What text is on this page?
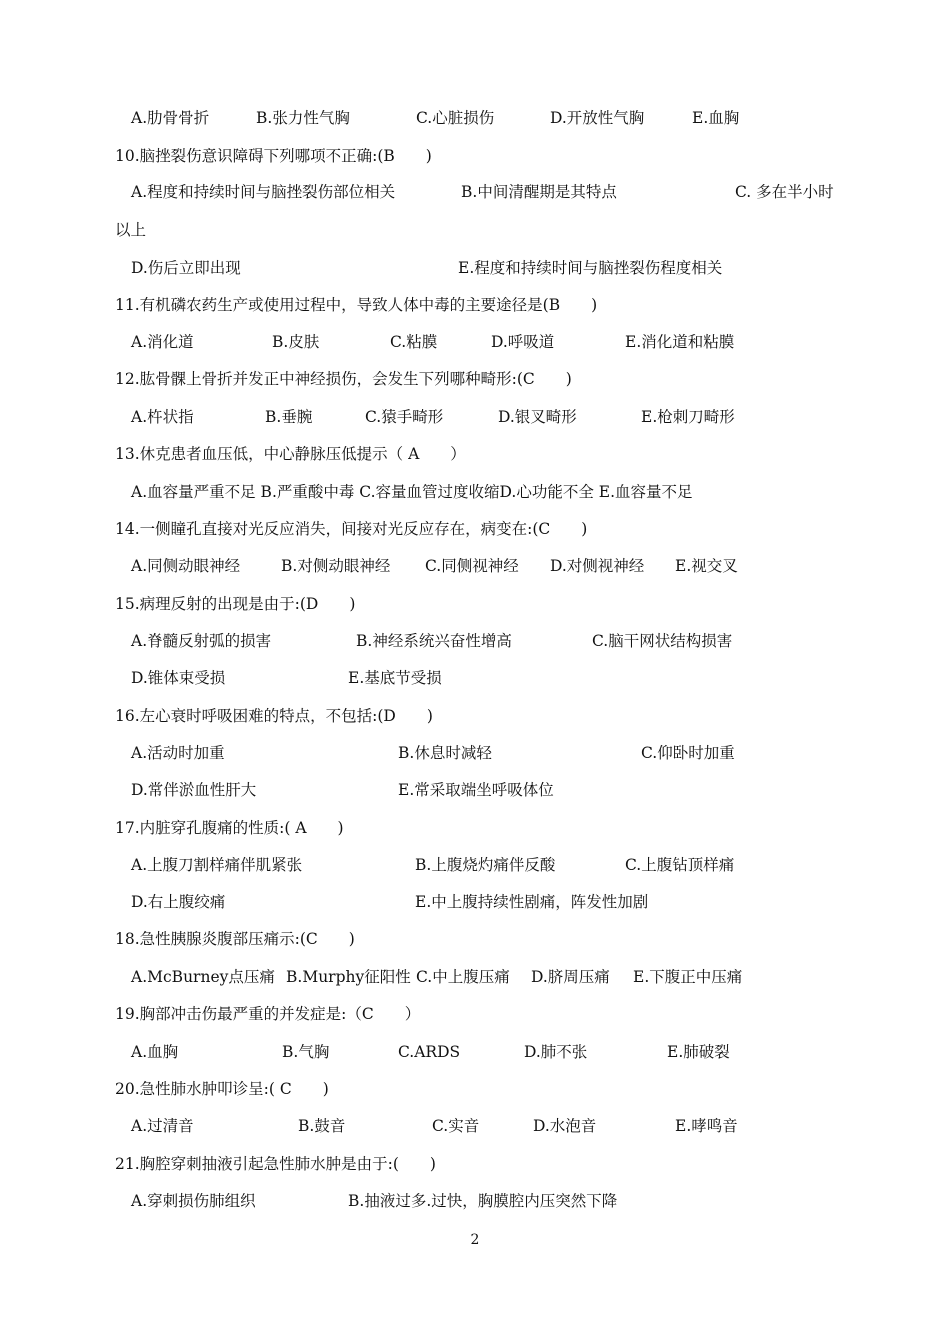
A.肋骨骨折	B.张力性气胸	C.心脏损伤	D.开放性气胸	E.血胸
10.脑挫裂伤意识障碍下列哪项不正确:(B　　)
A.程度和持续时间与脑挫裂伤部位相关	B.中间清醒期是其特点	C. 多在半小时
以上
D.伤后立即出现	E.程度和持续时间与脑挫裂伤程度相关
11.有机磷农药生产或使用过程中，导致人体中毒的主要途径是(B　　)
A.消化道	B.皮肤	C.粘膜	D.呼吸道	E.消化道和粘膜
12.肱骨髁上骨折并发正中神经损伤，会发生下列哪种畸形:(C　　)
A.杵状指	B.垂腕	C.猿手畸形	D.银叉畸形	E.枪刺刀畸形
13.休克患者血压低，中心静脉压低提示（ A　　）
A.血容量严重不足 B.严重酸中毒 C.容量血管过度收缩D.心功能不全 E.血容量不足
14.一侧瞳孔直接对光反应消失，间接对光反应存在，病变在:(C　　)
A.同侧动眼神经	B.对侧动眼神经 C.同侧视神经 D.对侧视神经 E.视交叉
15.病理反射的出现是由于:(D　　)
A.脊髓反射弧的损害	B.神经系统兴奋性增高	C.脑干网状结构损害
D.锥体束受损	E.基底节受损
16.左心衰时呼吸困难的特点，不包括:(D　　)
A.活动时加重	B.休息时减轻	C.仰卧时加重
D.常伴淤血性肝大	E.常采取端坐呼吸体位
17.内脏穿孔腹痛的性质:( A　　)
A.上腹刀割样痛伴肌紧张	B.上腹烧灼痛伴反酸	C.上腹钻顶样痛
D.右上腹绞痛	E.中上腹持续性剧痛，阵发性加剧
18.急性胰腺炎腹部压痛示:(C　　)
A.McBurney点压痛 B.Murphy征阳性 C.中上腹压痛 D.脐周压痛 E.下腹正中压痛
19.胸部冲击伤最严重的并发症是:（C　　）
A.血胸	B.气胸	C.ARDS	D.肺不张	E.肺破裂
20.急性肺水肿叩诊呈:( C　　)
A.过清音	B.鼓音	C.实音	D.水泡音	E.哮鸣音
21.胸腔穿刺抽液引起急性肺水肿是由于:(　　)
A.穿刺损伤肺组织	B.抽液过多.过快，胸膜腔内压突然下降
2
